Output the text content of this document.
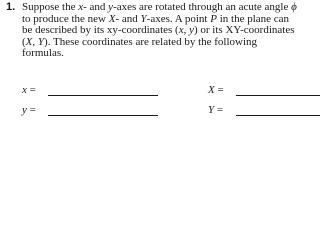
1. Suppose the x- and y-axes are rotated through an acute angle ϕ
to produce the new X- and Y-axes. A point P in the plane can
be described by its xy-coordinates (x, y) or its XY-coordinates
(X, Y). These coordinates are related by the following
formulas.
x =	X =
y =	Y =
